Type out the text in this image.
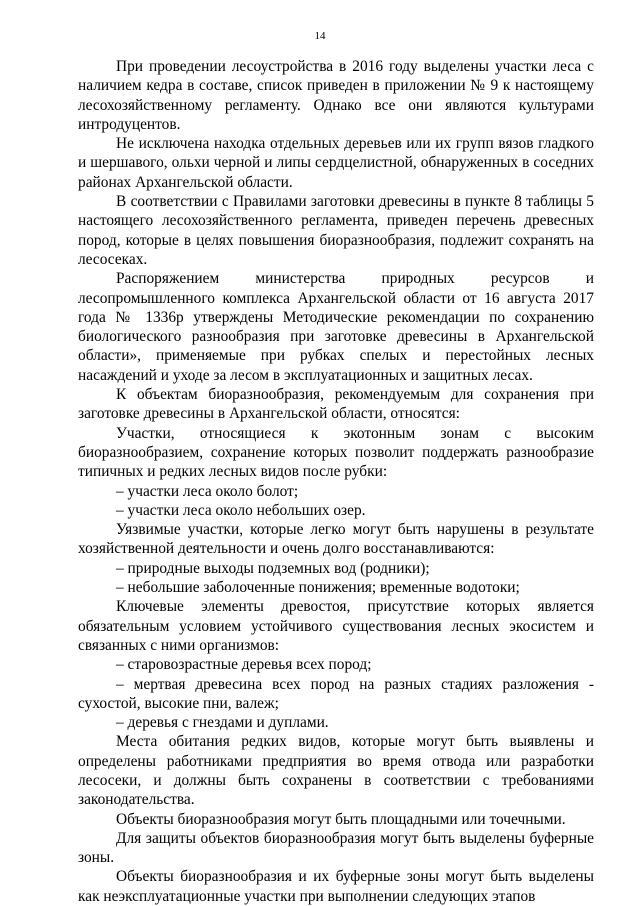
14

При проведении лесоустройства в 2016 году выделены участки леса с наличием кедра в составе, список приведен в приложении № 9 к настоящему лесохозяйственному регламенту. Однако все они являются культурами интродуцентов.

Не исключена находка отдельных деревьев или их групп вязов гладкого и шершавого, ольхи черной и липы сердцелистной, обнаруженных в соседних районах Архангельской области.

В соответствии с Правилами заготовки древесины в пункте 8 таблицы 5 настоящего лесохозяйственного регламента, приведен перечень древесных пород, которые в целях повышения биоразнообразия, подлежит сохранять на лесосеках.

Распоряжением министерства природных ресурсов и лесопромышленного комплекса Архангельской области от 16 августа 2017 года № 1336р утверждены Методические рекомендации по сохранению биологического разнообразия при заготовке древесины в Архангельской области», применяемые при рубках спелых и перестойных лесных насаждений и уходе за лесом в эксплуатационных и защитных лесах.

К объектам биоразнообразия, рекомендуемым для сохранения при заготовке древесины в Архангельской области, относятся:

Участки, относящиеся к экотонным зонам с высоким биоразнообразием, сохранение которых позволит поддержать разнообразие типичных и редких лесных видов после рубки:

– участки леса около болот;

– участки леса около небольших озер.

Уязвимые участки, которые легко могут быть нарушены в результате хозяйственной деятельности и очень долго восстанавливаются:

– природные выходы подземных вод (родники);

– небольшие заболоченные понижения; временные водотоки;

Ключевые элементы древостоя, присутствие которых является обязательным условием устойчивого существования лесных экосистем и связанных с ними организмов:

– старовозрастные деревья всех пород;

– мертвая древесина всех пород на разных стадиях разложения - сухостой, высокие пни, валеж;

– деревья с гнездами и дуплами.

Места обитания редких видов, которые могут быть выявлены и определены работниками предприятия во время отвода или разработки лесосеки, и должны быть сохранены в соответствии с требованиями законодательства.

Объекты биоразнообразия могут быть площадными или точечными.

Для защиты объектов биоразнообразия могут быть выделены буферные зоны.

Объекты биоразнообразия и их буферные зоны могут быть выделены как неэксплуатационные участки при выполнении следующих этапов
